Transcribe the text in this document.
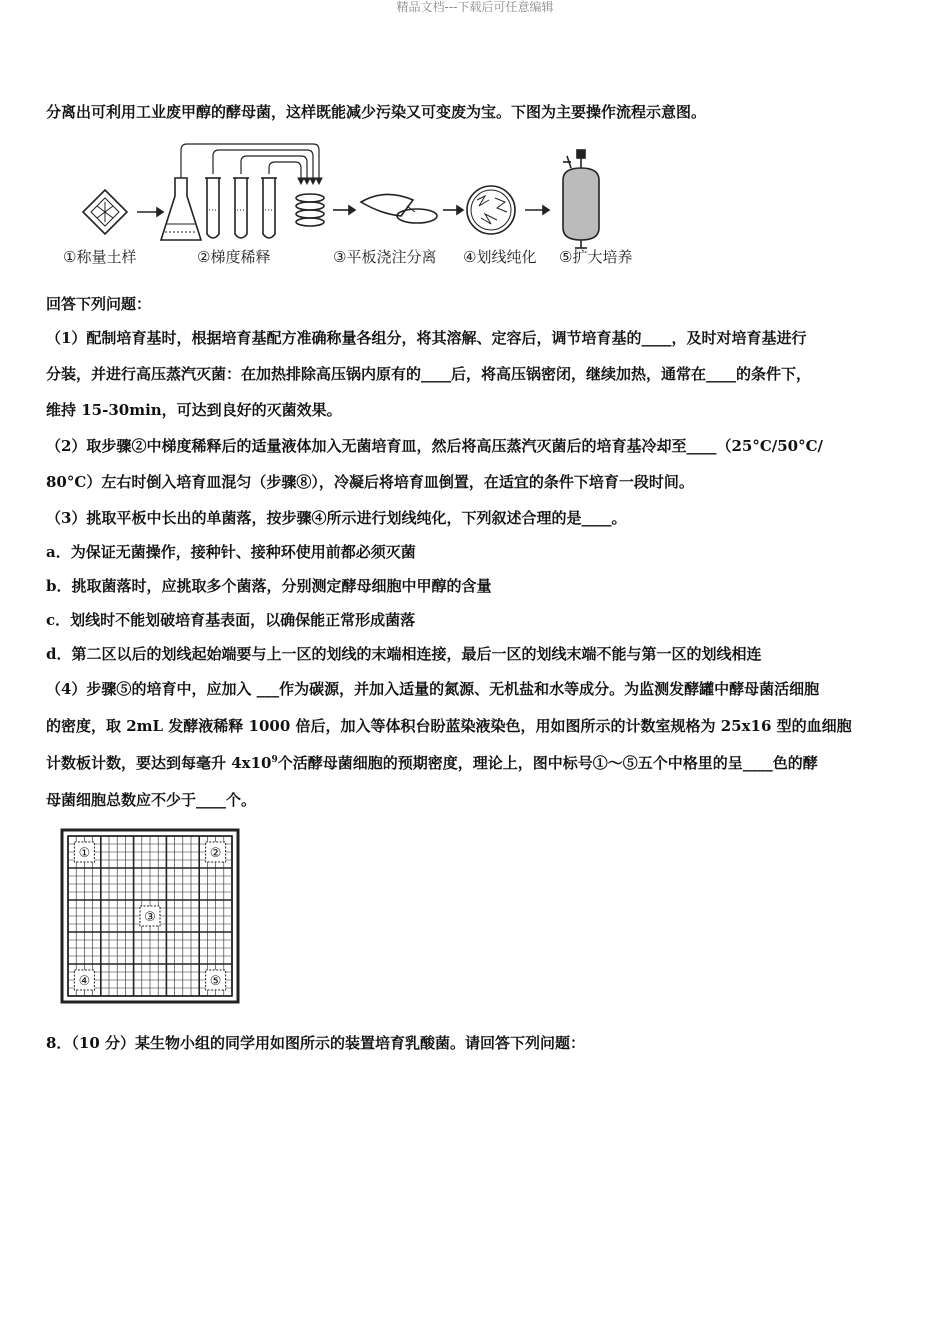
精品文档---下载后可任意编辑
分离出可利用工业废甲醇的酵母菌，这样既能减少污染又可变废为宝。下图为主要操作流程示意图。
①称量土样	②梯度稀释	③平板浇注分离 ④划线纯化 ⑤扩大培养
回答下列问题：
（1）配制培育基时，根据培育基配方准确称量各组分，将其溶解、定容后，调节培育基的____，及时对培育基进行
分装，并进行高压蒸汽灭菌：在加热排除高压锅内原有的____后，将高压锅密闭，继续加热，通常在____的条件下，
维持 15-30min，可达到良好的灭菌效果。
（2）取步骤②中梯度稀释后的适量液体加入无菌培育皿，然后将高压蒸汽灭菌后的培育基冷却至____（25°C/50°C/
80°C）左右时倒入培育皿混匀（步骤⑧），冷凝后将培育皿倒置，在适宜的条件下培育一段时间。
（3）挑取平板中长出的单菌落，按步骤④所示进行划线纯化，下列叙述合理的是____。
a．为保证无菌操作，接种针、接种环使用前都必须灭菌
b．挑取菌落时，应挑取多个菌落，分别测定酵母细胞中甲醇的含量
c．划线时不能划破培育基表面，以确保能正常形成菌落
d．第二区以后的划线起始端要与上一区的划线的末端相连接，最后一区的划线末端不能与第一区的划线相连
（4）步骤⑤的培育中，应加入 ___作为碳源，并加入适量的氮源、无机盐和水等成分。为监测发酵罐中酵母菌活细胞
的密度，取 2mL 发酵液稀释 1000 倍后，加入等体积台盼蓝染液染色，用如图所示的计数室规格为 25x16 型的血细胞
计数板计数，要达到每毫升 $4x10^9$个活酵母菌细胞的预期密度，理论上，图中标号①～⑤五个中格里的呈____色的酵
母菌细胞总数应不少于____个。
①	②
③
④	⑤
8．（10 分）某生物小组的同学用如图所示的装置培育乳酸菌。请回答下列问题：
